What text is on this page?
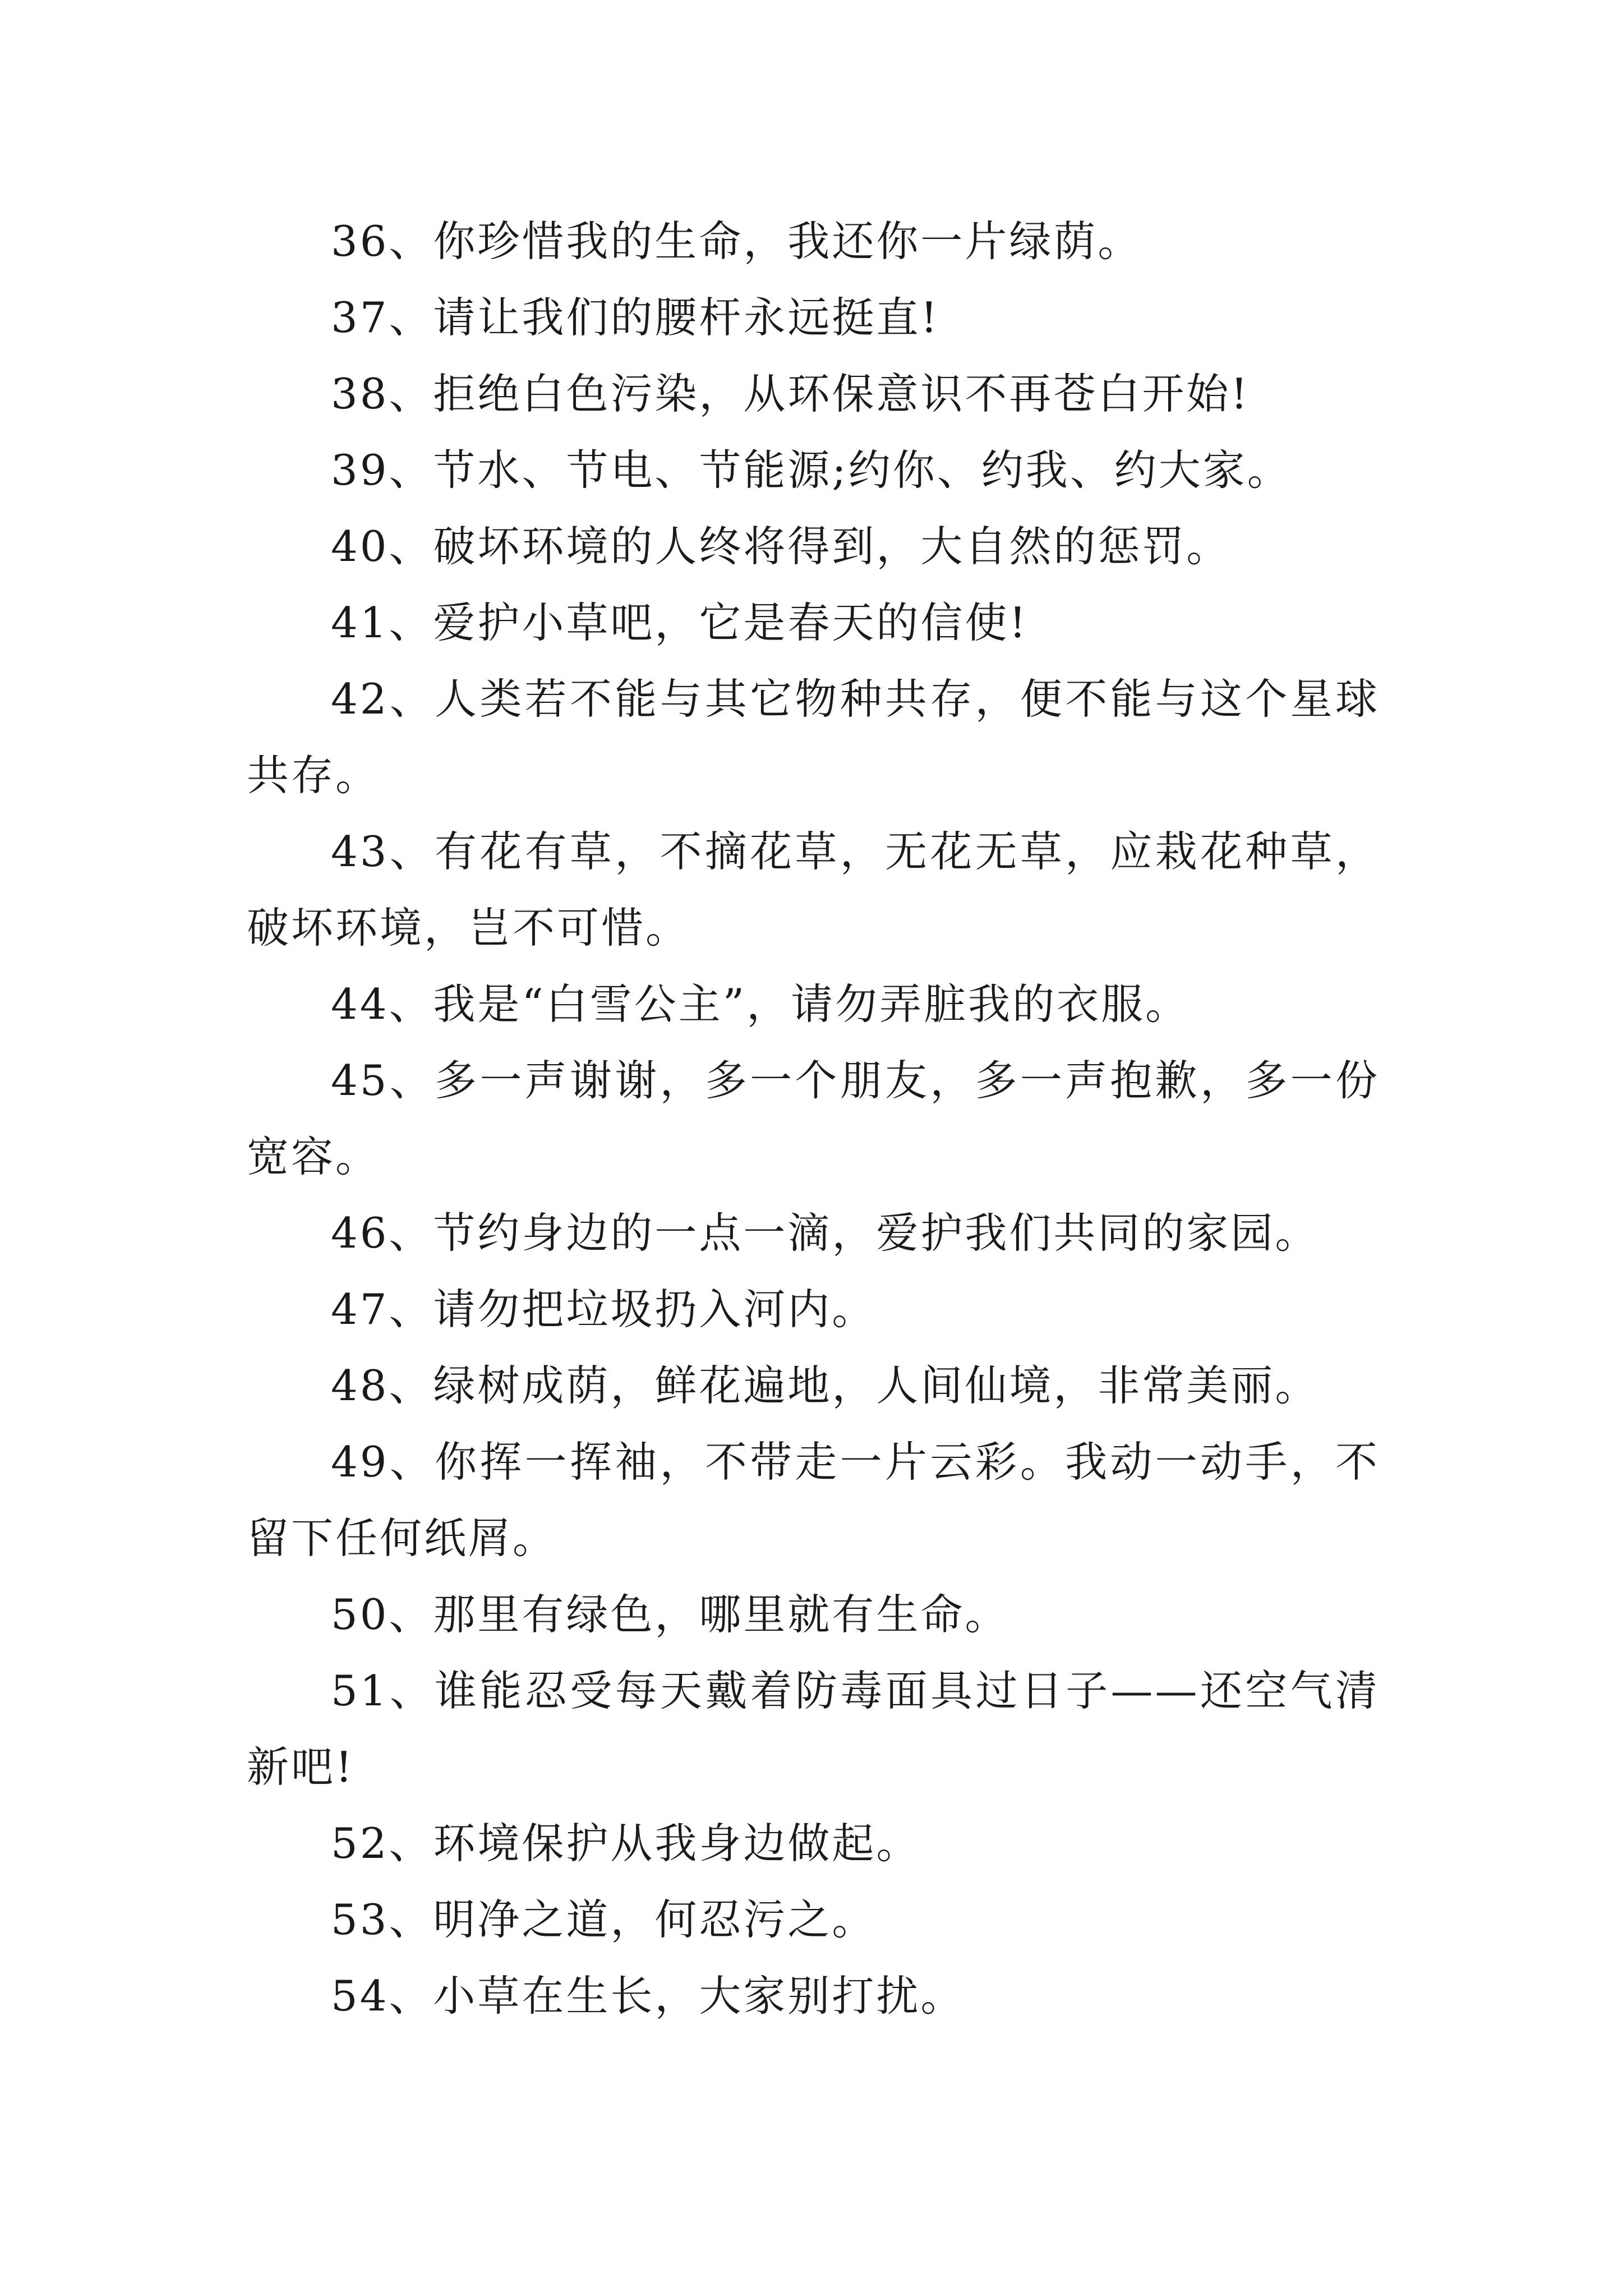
36、你珍惜我的生命，我还你一片绿荫。

37、请让我们的腰杆永远挺直!

38、拒绝白色污染，从环保意识不再苍白开始!

39、节水、节电、节能源;约你、约我、约大家。

40、破坏环境的人终将得到，大自然的惩罚。

41、爱护小草吧，它是春天的信使!

42、人类若不能与其它物种共存，便不能与这个星球共存。

43、有花有草，不摘花草，无花无草，应栽花种草，破坏环境，岂不可惜。

44、我是“白雪公主”，请勿弄脏我的衣服。

45、多一声谢谢，多一个朋友，多一声抱歉，多一份宽容。

46、节约身边的一点一滴，爱护我们共同的家园。

47、请勿把垃圾扔入河内。

48、绿树成荫，鲜花遍地，人间仙境，非常美丽。

49、你挥一挥袖，不带走一片云彩。我动一动手，不留下任何纸屑。

50、那里有绿色，哪里就有生命。

51、谁能忍受每天戴着防毒面具过日子——还空气清新吧!

52、环境保护从我身边做起。

53、明净之道，何忍污之。

54、小草在生长，大家别打扰。
